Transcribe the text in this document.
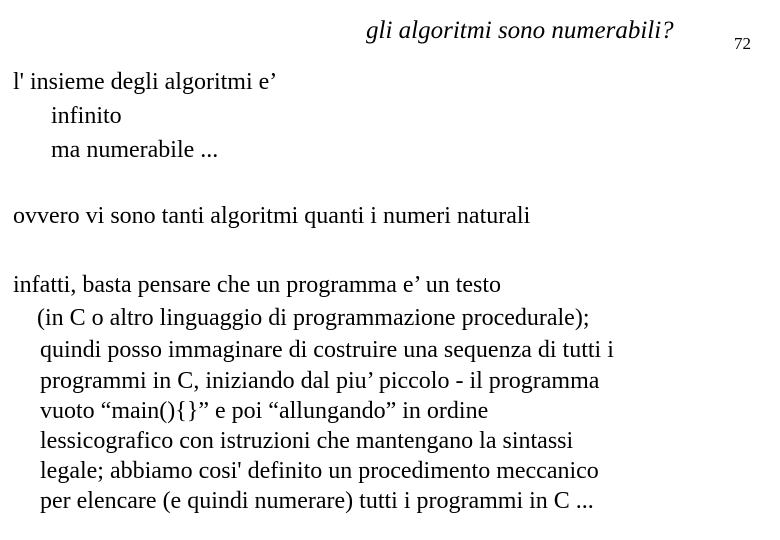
gli algoritmi sono numerabili?	72
l' insieme degli algoritmi e’
infinito
ma numerabile ...
ovvero vi sono tanti algoritmi quanti i numeri naturali
infatti, basta pensare che un programma e’ un testo
(in C o altro linguaggio di programmazione procedurale);
quindi posso immaginare di costruire una sequenza di tutti i
programmi in C, iniziando dal piu’ piccolo - il programma
vuoto “main(){}” e poi “allungando” in ordine
lessicografico con istruzioni che mantengano la sintassi
legale; abbiamo cosi' definito un procedimento meccanico
per elencare (e quindi numerare) tutti i programmi in C ...
